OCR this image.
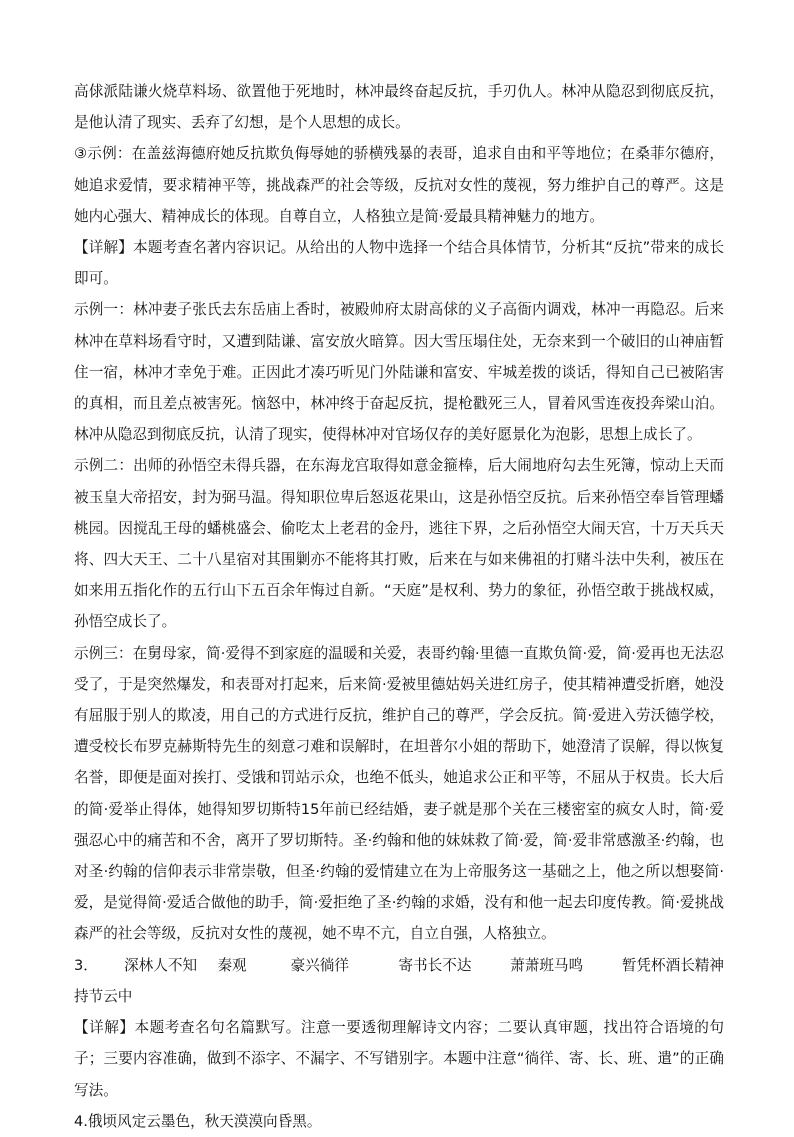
高俅派陆谦火烧草料场、欲置他于死地时，林冲最终奋起反抗，手刃仇人。林冲从隐忍到彻底反抗，是他认清了现实、丢弃了幻想，是个人思想的成长。

③示例：在盖兹海德府她反抗欺负侮辱她的骄横残暴的表哥，追求自由和平等地位；在桑菲尔德府，她追求爱情，要求精神平等，挑战森严的社会等级，反抗对女性的蔑视，努力维护自己的尊严。这是她内心强大、精神成长的体现。自尊自立，人格独立是简·爱最具精神魅力的地方。

【详解】本题考查名著内容识记。从给出的人物中选择一个结合具体情节，分析其“反抗”带来的成长即可。

示例一：林冲妻子张氏去东岳庙上香时，被殿帅府太尉高俅的义子高衙内调戏，林冲一再隐忍。后来林冲在草料场看守时，又遭到陆谦、富安放火暗算。因大雪压塌住处，无奈来到一个破旧的山神庙暂住一宿，林冲才幸免于难。正因此才凑巧听见门外陆谦和富安、牢城差拨的谈话，得知自己已被陷害的真相，而且差点被害死。恼怒中，林冲终于奋起反抗，提枪戳死三人，冒着风雪连夜投奔梁山泊。林冲从隐忍到彻底反抗，认清了现实，使得林冲对官场仅存的美好愿景化为泡影，思想上成长了。

示例二：出师的孙悟空未得兵器，在东海龙宫取得如意金箍棒，后大闹地府勾去生死簿，惊动上天而被玉皇大帝招安，封为弼马温。得知职位卑后怒返花果山，这是孙悟空反抗。后来孙悟空奉旨管理蟠桃园。因搅乱王母的蟠桃盛会、偷吃太上老君的金丹，逃往下界，之后孙悟空大闹天宫，十万天兵天将、四大天王、二十八星宿对其围剿亦不能将其打败，后来在与如来佛祖的打赌斗法中失利，被压在如来用五指化作的五行山下五百余年悔过自新。“天庭”是权利、势力的象征，孙悟空敢于挑战权威，孙悟空成长了。

示例三：在舅母家，简·爱得不到家庭的温暖和关爱，表哥约翰·里德一直欺负简·爱，简·爱再也无法忍受了，于是突然爆发，和表哥对打起来，后来简·爱被里德姑妈关进红房子，使其精神遭受折磨，她没有屈服于别人的欺凌，用自己的方式进行反抗，维护自己的尊严，学会反抗。简·爱进入劳沃德学校，遭受校长布罗克赫斯特先生的刻意刁难和误解时，在坦普尔小姐的帮助下，她澄清了误解，得以恢复名誉，即便是面对挨打、受饿和罚站示众，也绝不低头，她追求公正和平等，不屈从于权贵。长大后的简·爱举止得体，她得知罗切斯特15年前已经结婚，妻子就是那个关在三楼密室的疯女人时，简·爱强忍心中的痛苦和不舍，离开了罗切斯特。圣·约翰和他的妹妹救了简·爱，简·爱非常感激圣·约翰，也对圣·约翰的信仰表示非常崇敬，但圣·约翰的爱情建立在为上帝服务这一基础之上，他之所以想娶简·爱，是觉得简·爱适合做他的助手，简·爱拒绝了圣·约翰的求婚，没有和他一起去印度传教。简·爱挑战森严的社会等级，反抗对女性的蔑视，她不卑不亢，自立自强，人格独立。

3．	深林人不知	秦观	豪兴徜徉	寄书长不达	萧萧班马鸣	暂凭杯酒长精神

持节云中

【详解】本题考查名句名篇默写。注意一要透彻理解诗文内容；二要认真审题，找出符合语境的句子；三要内容准确，做到不添字、不漏字、不写错别字。本题中注意“徜徉、寄、长、班、遣”的正确写法。

4.俄顷风定云墨色，秋天漠漠向昏黑。
